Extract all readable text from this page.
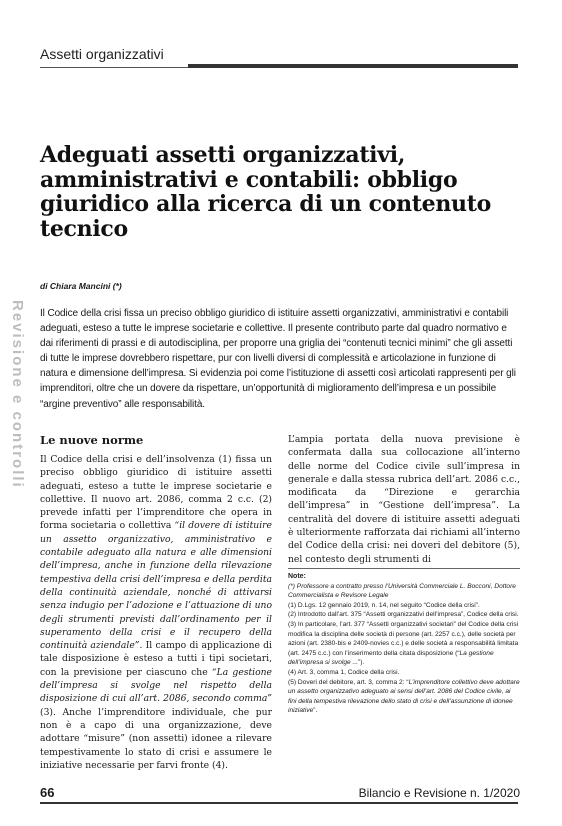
Assetti organizzativi
Revisione e controlli
Adeguati assetti organizzativi, amministrativi e contabili: obbligo giuridico alla ricerca di un contenuto tecnico
di Chiara Mancini (*)

Il Codice della crisi fissa un preciso obbligo giuridico di istituire assetti organizzativi, amministrativi e contabili adeguati, esteso a tutte le imprese societarie e collettive. Il presente contributo parte dal quadro normativo e dai riferimenti di prassi e di autodisciplina, per proporre una griglia dei “contenuti tecnici minimi” che gli assetti di tutte le imprese dovrebbero rispettare, pur con livelli diversi di complessità e articolazione in funzione di natura e dimensione dell’impresa. Si evidenzia poi come l’istituzione di assetti così articolati rappresenti per gli imprenditori, oltre che un dovere da rispettare, un’opportunità di miglioramento dell’impresa e un possibile “argine preventivo” alle responsabilità.

Le nuove norme

Il Codice della crisi e dell’insolvenza (1) fissa un preciso obbligo giuridico di istituire assetti adeguati, esteso a tutte le imprese societarie e collettive. Il nuovo art. 2086, comma 2 c.c. (2) prevede infatti per l’imprenditore che opera in forma societaria o collettiva “il dovere di istituire un assetto organizzativo, amministrativo e contabile adeguato alla natura e alle dimensioni dell’impresa, anche in funzione della rilevazione tempestiva della crisi dell’impresa e della perdita della continuità aziendale, nonché di attivarsi senza indugio per l’adozione e l’attuazione di uno degli strumenti previsti dall’ordinamento per il superamento della crisi e il recupero della continuità aziendale”. Il campo di applicazione di tale disposizione è esteso a tutti i tipi societari, con la previsione per ciascuno che “La gestione dell’impresa si svolge nel rispetto della disposizione di cui all’art. 2086, secondo comma” (3). Anche l’imprenditore individuale, che pur non è a capo di una organizzazione, deve adottare “misure” (non assetti) idonee a rilevare tempestivamente lo stato di crisi e assumere le iniziative necessarie per farvi fronte (4).

L’ampia portata della nuova previsione è confermata dalla sua collocazione all’interno delle norme del Codice civile sull’impresa in generale e dalla stessa rubrica dell’art. 2086 c.c., modificata da “Direzione e gerarchia dell’impresa” in “Gestione dell’impresa”. La centralità del dovere di istituire assetti adeguati è ulteriormente rafforzata dai richiami all’interno del Codice della crisi: nei doveri del debitore (5), nel contesto degli strumenti di

Note:
(*) Professore a contratto presso l’Università Commerciale L. Bocconi, Dottore Commercialista e Revisore Legale
(1) D.Lgs. 12 gennaio 2019, n. 14, nel seguito “Codice della crisi”.
(2) Introdotto dall’art. 375 “Assetti organizzativi dell’impresa”, Codice della crisi.
(3) In particolare, l’art. 377 “Assetti organizzativi societari” del Codice della crisi modifica la disciplina delle società di persone (art. 2257 c.c.), delle società per azioni (art. 2380-bis e 2409-novies c.c.) e delle società a responsabilità limitata (art. 2475 c.c.) con l’inserimento della citata disposizione (“La gestione dell’impresa si svolge ...”).
(4) Art. 3, comma 1, Codice della crisi.
(5) Doveri del debitore, art. 3, comma 2: “L’imprenditore collettivo deve adottare un assetto organizzativo adeguato ai sensi dell’art. 2086 del Codice civile, ai fini della tempestiva rilevazione dello stato di crisi e dell’assunzione di idonee iniziative”.
66	Bilancio e Revisione n. 1/2020
